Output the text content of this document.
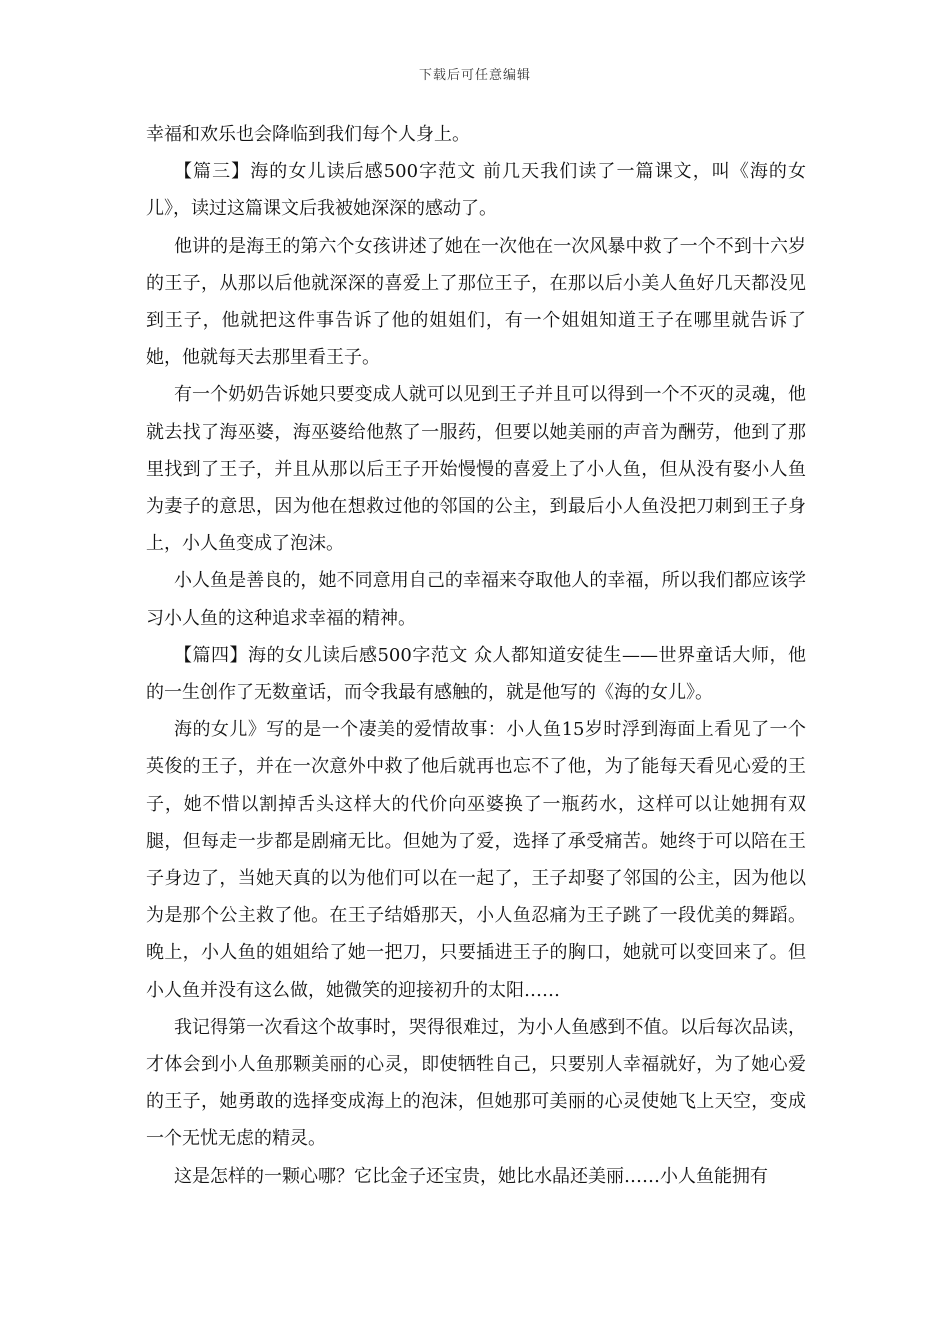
下载后可任意编辑

幸福和欢乐也会降临到我们每个人身上。

【篇三】海的女儿读后感500字范文 前几天我们读了一篇课文，叫《海的女儿》，读过这篇课文后我被她深深的感动了。

他讲的是海王的第六个女孩讲述了她在一次他在一次风暴中救了一个不到十六岁的王子，从那以后他就深深的喜爱上了那位王子，在那以后小美人鱼好几天都没见到王子，他就把这件事告诉了他的姐姐们，有一个姐姐知道王子在哪里就告诉了她，他就每天去那里看王子。

有一个奶奶告诉她只要变成人就可以见到王子并且可以得到一个不灭的灵魂，他就去找了海巫婆，海巫婆给他熬了一服药，但要以她美丽的声音为酬劳，他到了那里找到了王子，并且从那以后王子开始慢慢的喜爱上了小人鱼，但从没有娶小人鱼为妻子的意思，因为他在想救过他的邻国的公主，到最后小人鱼没把刀刺到王子身上，小人鱼变成了泡沫。

小人鱼是善良的，她不同意用自己的幸福来夺取他人的幸福，所以我们都应该学习小人鱼的这种追求幸福的精神。

【篇四】海的女儿读后感500字范文 众人都知道安徒生——世界童话大师，他的一生创作了无数童话，而令我最有感触的，就是他写的《海的女儿》。

海的女儿》写的是一个凄美的爱情故事：小人鱼15岁时浮到海面上看见了一个英俊的王子，并在一次意外中救了他后就再也忘不了他，为了能每天看见心爱的王子，她不惜以割掉舌头这样大的代价向巫婆换了一瓶药水，这样可以让她拥有双腿，但每走一步都是剧痛无比。但她为了爱，选择了承受痛苦。她终于可以陪在王子身边了，当她天真的以为他们可以在一起了，王子却娶了邻国的公主，因为他以为是那个公主救了他。在王子结婚那天，小人鱼忍痛为王子跳了一段优美的舞蹈。晚上，小人鱼的姐姐给了她一把刀，只要插进王子的胸口，她就可以变回来了。但小人鱼并没有这么做，她微笑的迎接初升的太阳……

我记得第一次看这个故事时，哭得很难过，为小人鱼感到不值。以后每次品读，才体会到小人鱼那颗美丽的心灵，即使牺牲自己，只要别人幸福就好，为了她心爱的王子，她勇敢的选择变成海上的泡沫，但她那可美丽的心灵使她飞上天空，变成一个无忧无虑的精灵。

这是怎样的一颗心哪？它比金子还宝贵，她比水晶还美丽……小人鱼能拥有
